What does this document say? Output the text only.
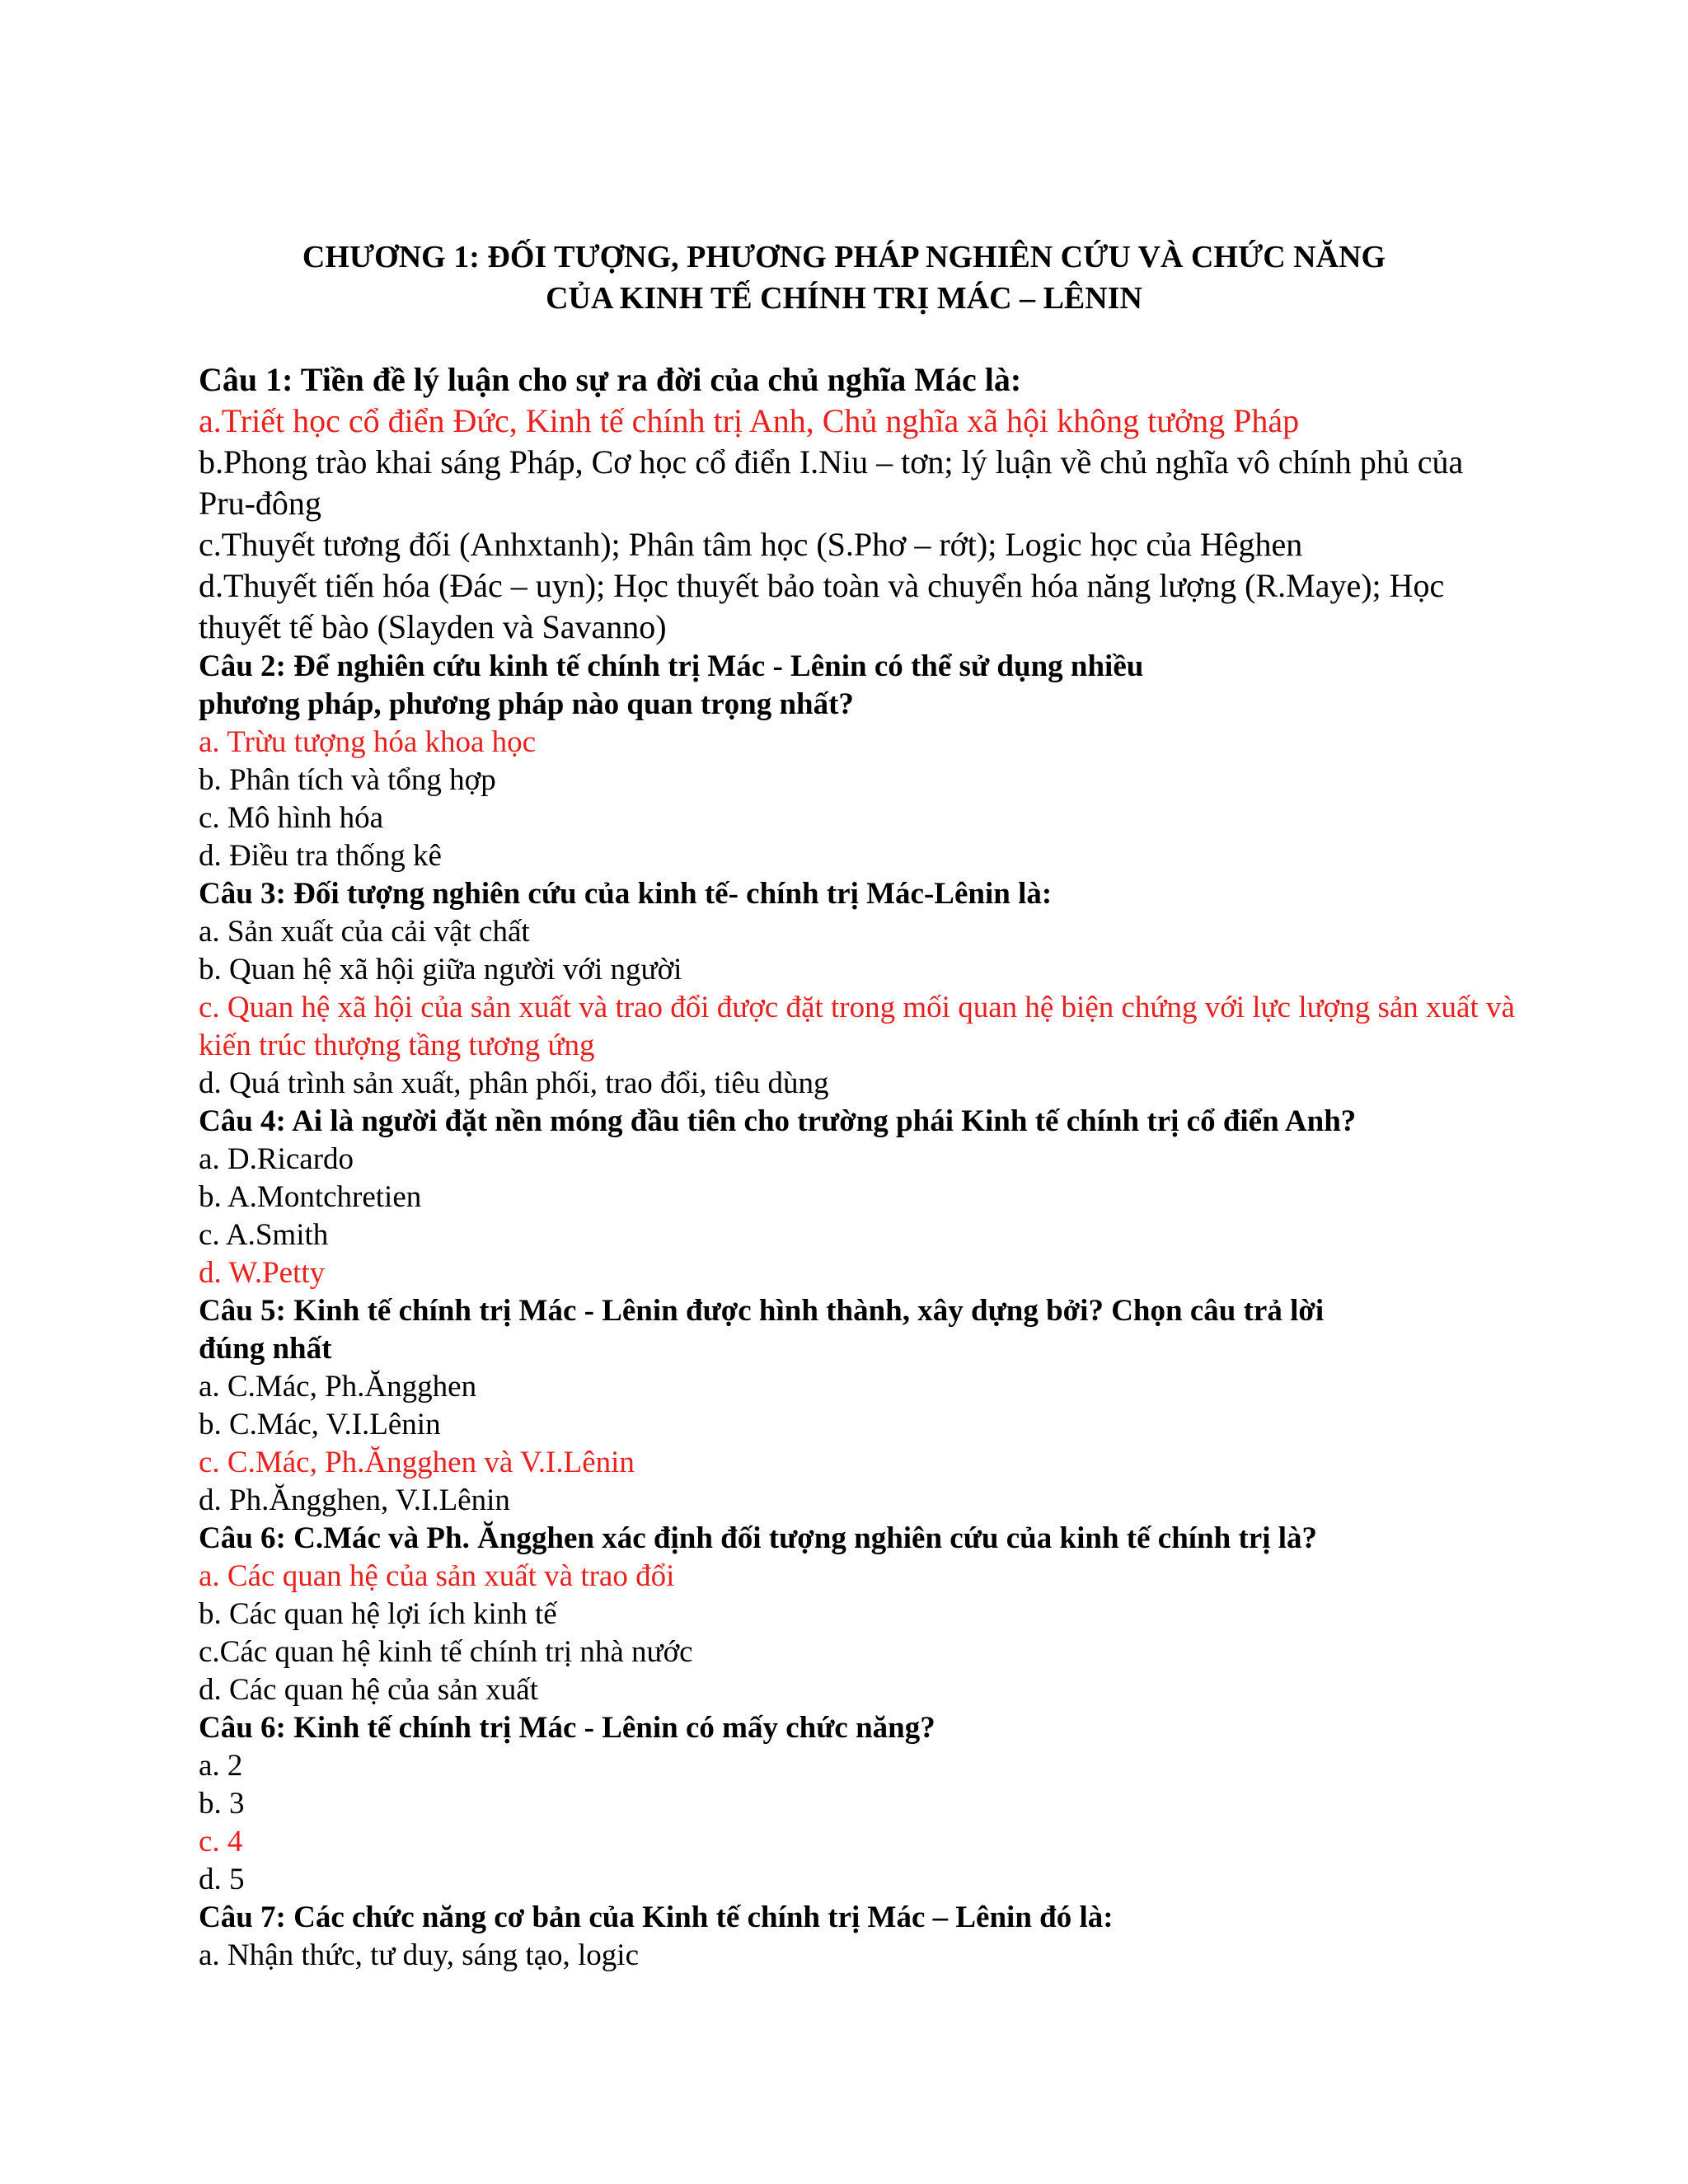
CHƯƠNG 1: ĐỐI TƯỢNG, PHƯƠNG PHÁP NGHIÊN CỨU VÀ CHỨC NĂNG
CỦA KINH TẾ CHÍNH TRỊ MÁC – LÊNIN
Câu 1: Tiền đề lý luận cho sự ra đời của chủ nghĩa Mác là:
a.Triết học cổ điển Đức, Kinh tế chính trị Anh, Chủ nghĩa xã hội không tưởng Pháp
b.Phong trào khai sáng Pháp, Cơ học cổ điển I.Niu – tơn; lý luận về chủ nghĩa vô chính phủ của Pru-đông
c.Thuyết tương đối (Anhxtanh); Phân tâm học (S.Phơ – rớt); Logic học của Hêghen
d.Thuyết tiến hóa (Đác – uyn); Học thuyết bảo toàn và chuyển hóa năng lượng (R.Maye); Học thuyết tế bào (Slayden và Savanno)
Câu 2: Để nghiên cứu kinh tế chính trị Mác - Lênin có thể sử dụng nhiều
phương pháp, phương pháp nào quan trọng nhất?
a. Trừu tượng hóa khoa học
b. Phân tích và tổng hợp
c. Mô hình hóa
d. Điều tra thống kê
Câu 3: Đối tượng nghiên cứu của kinh tế- chính trị Mác-Lênin là:
a. Sản xuất của cải vật chất
b. Quan hệ xã hội giữa người với người
c. Quan hệ xã hội của sản xuất và trao đổi được đặt trong mối quan hệ biện chứng với lực lượng sản xuất và kiến trúc thượng tầng tương ứng
d. Quá trình sản xuất, phân phối, trao đổi, tiêu dùng
Câu 4: Ai là người đặt nền móng đầu tiên cho trường phái Kinh tế chính trị cổ điển Anh?
a. D.Ricardo
b. A.Montchretien
c. A.Smith
d. W.Petty
Câu 5: Kinh tế chính trị Mác - Lênin được hình thành, xây dựng bởi? Chọn câu trả lời
đúng nhất
a. C.Mác, Ph.Ăngghen
b. C.Mác, V.I.Lênin
c. C.Mác, Ph.Ăngghen và V.I.Lênin
d. Ph.Ăngghen, V.I.Lênin
Câu 6: C.Mác và Ph. Ăngghen xác định đối tượng nghiên cứu của kinh tế chính trị là?
a. Các quan hệ của sản xuất và trao đổi
b. Các quan hệ lợi ích kinh tế
c.Các quan hệ kinh tế chính trị nhà nước
d. Các quan hệ của sản xuất
Câu 6: Kinh tế chính trị Mác - Lênin có mấy chức năng?
a. 2
b. 3
c. 4
d. 5
Câu 7: Các chức năng cơ bản của Kinh tế chính trị Mác – Lênin đó là:
a. Nhận thức, tư duy, sáng tạo, logic
